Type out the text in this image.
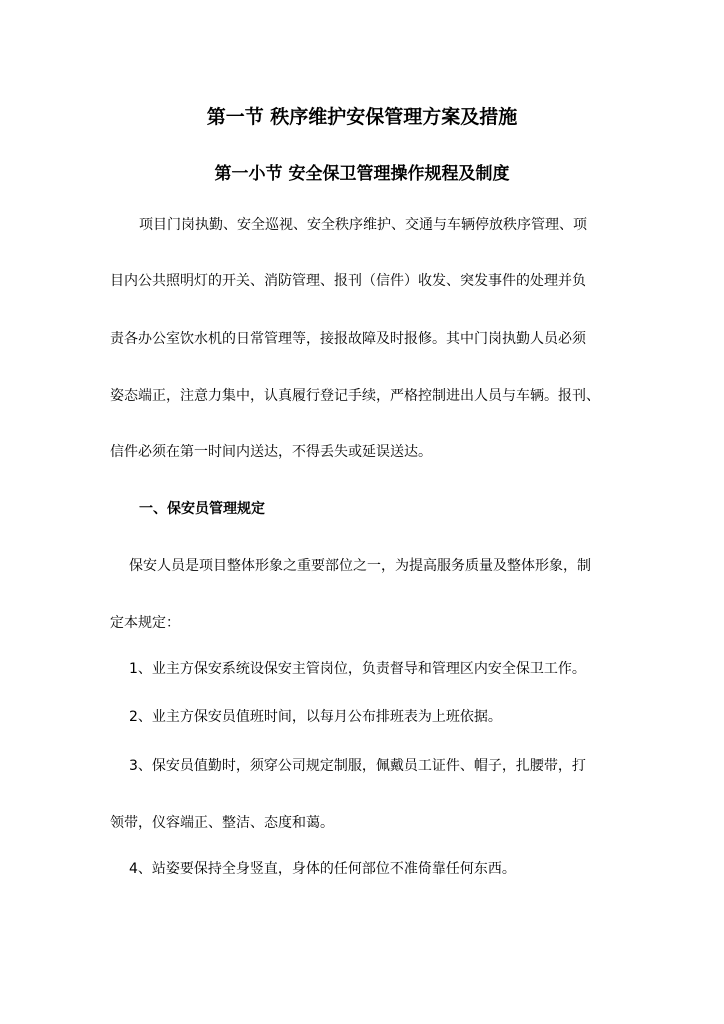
第一节 秩序维护安保管理方案及措施
第一小节 安全保卫管理操作规程及制度

项目门岗执勤、安全巡视、安全秩序维护、交通与车辆停放秩序管理、项

目内公共照明灯的开关、消防管理、报刊（信件）收发、突发事件的处理并负

责各办公室饮水机的日常管理等，接报故障及时报修。其中门岗执勤人员必须

姿态端正，注意力集中，认真履行登记手续，严格控制进出人员与车辆。报刊、

信件必须在第一时间内送达，不得丢失或延误送达。

一、保安员管理规定

保安人员是项目整体形象之重要部位之一，为提高服务质量及整体形象，制

定本规定：

1、业主方保安系统设保安主管岗位，负责督导和管理区内安全保卫工作。

2、业主方保安员值班时间，以每月公布排班表为上班依据。

3、保安员值勤时，须穿公司规定制服，佩戴员工证件、帽子，扎腰带，打

领带，仪容端正、整洁、态度和蔼。

4、站姿要保持全身竖直，身体的任何部位不准倚靠任何东西。
